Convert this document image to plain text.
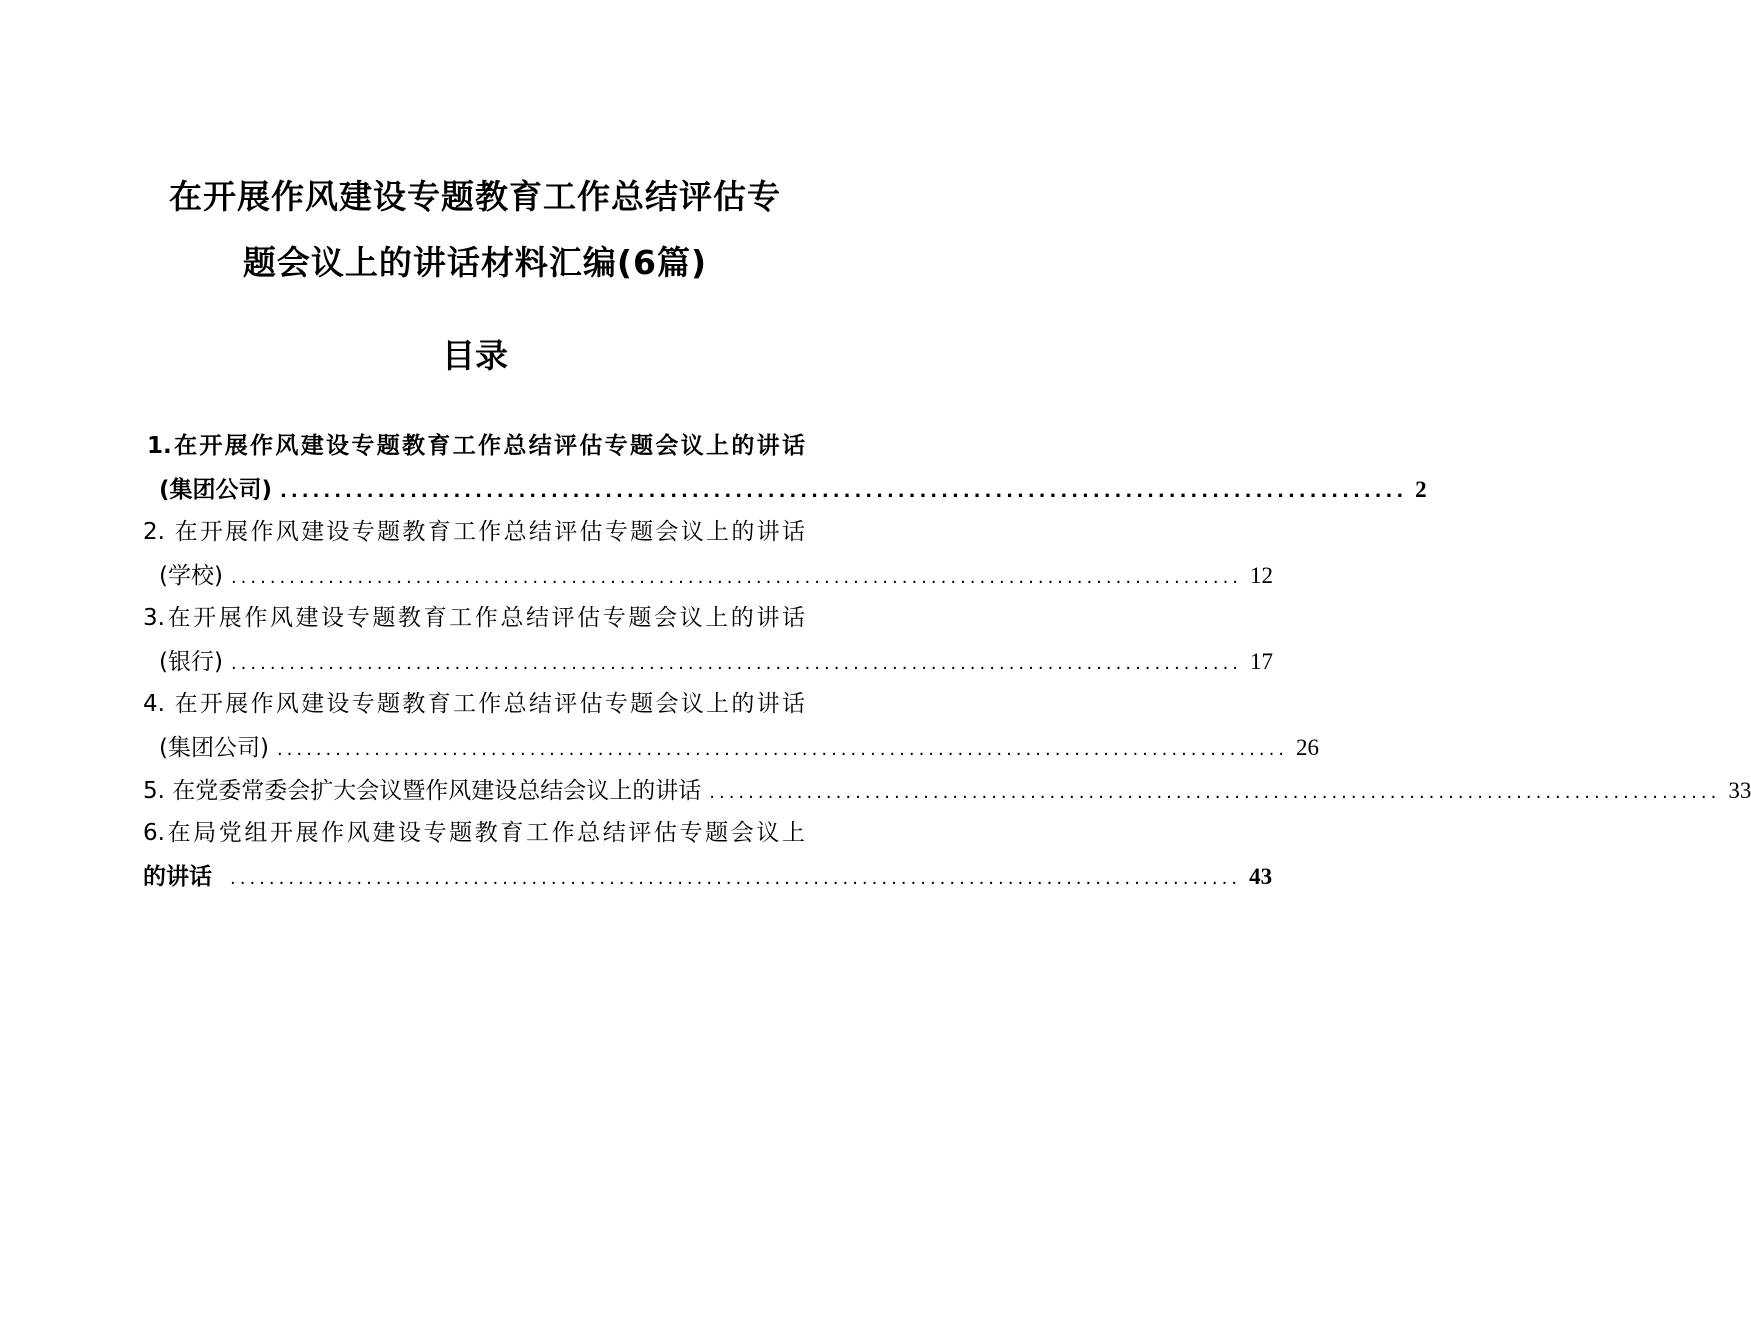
在开展作风建设专题教育工作总结评估专
题会议上的讲话材料汇编(6篇)
目录
1.在开展作风建设专题教育工作总结评估专题会议上的讲话
(集团公司) ........................................................................................................ 2
2. 在开展作风建设专题教育工作总结评估专题会议上的讲话
(学校) ........................................................................................................ 12
3.在开展作风建设专题教育工作总结评估专题会议上的讲话
(银行) ........................................................................................................ 17
4. 在开展作风建设专题教育工作总结评估专题会议上的讲话
(集团公司) ........................................................................................................ 26
5. 在党委常委会扩大会议暨作风建设总结会议上的讲话 ........................................................................................................ 33
6.在局党组开展作风建设专题教育工作总结评估专题会议上
的讲话	........................................................................................................ 43
